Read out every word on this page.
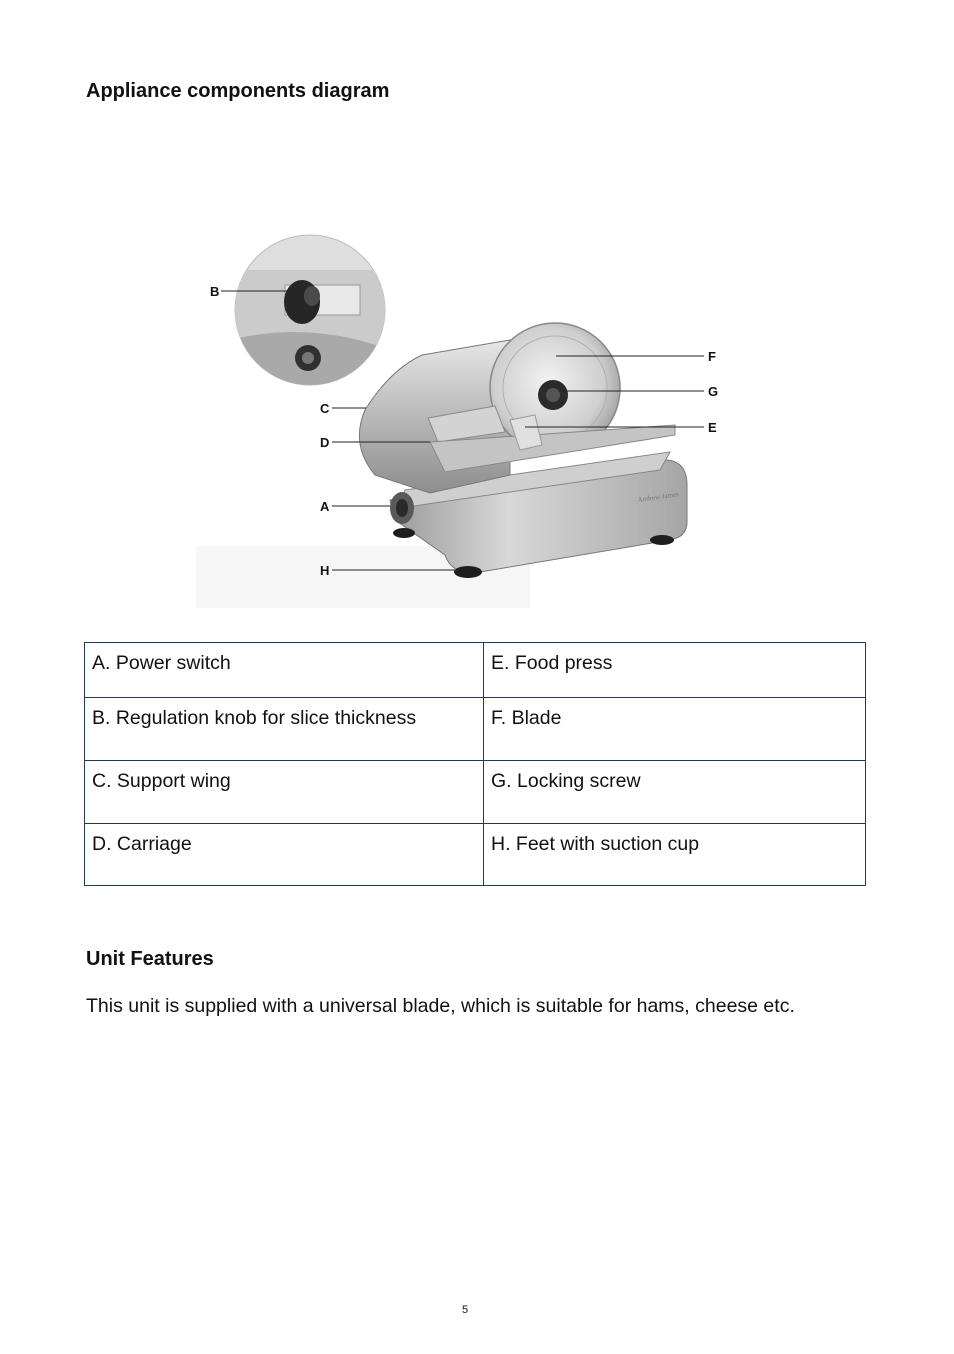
Appliance components diagram
Andrew James
B
C
D
A
H
F
G
E
A. Power switch	E. Food press
B. Regulation knob for slice thickness	F. Blade
C. Support wing	G. Locking screw
D. Carriage	H. Feet with suction cup
Unit Features

This unit is supplied with a universal blade, which is suitable for hams, cheese etc.

5
